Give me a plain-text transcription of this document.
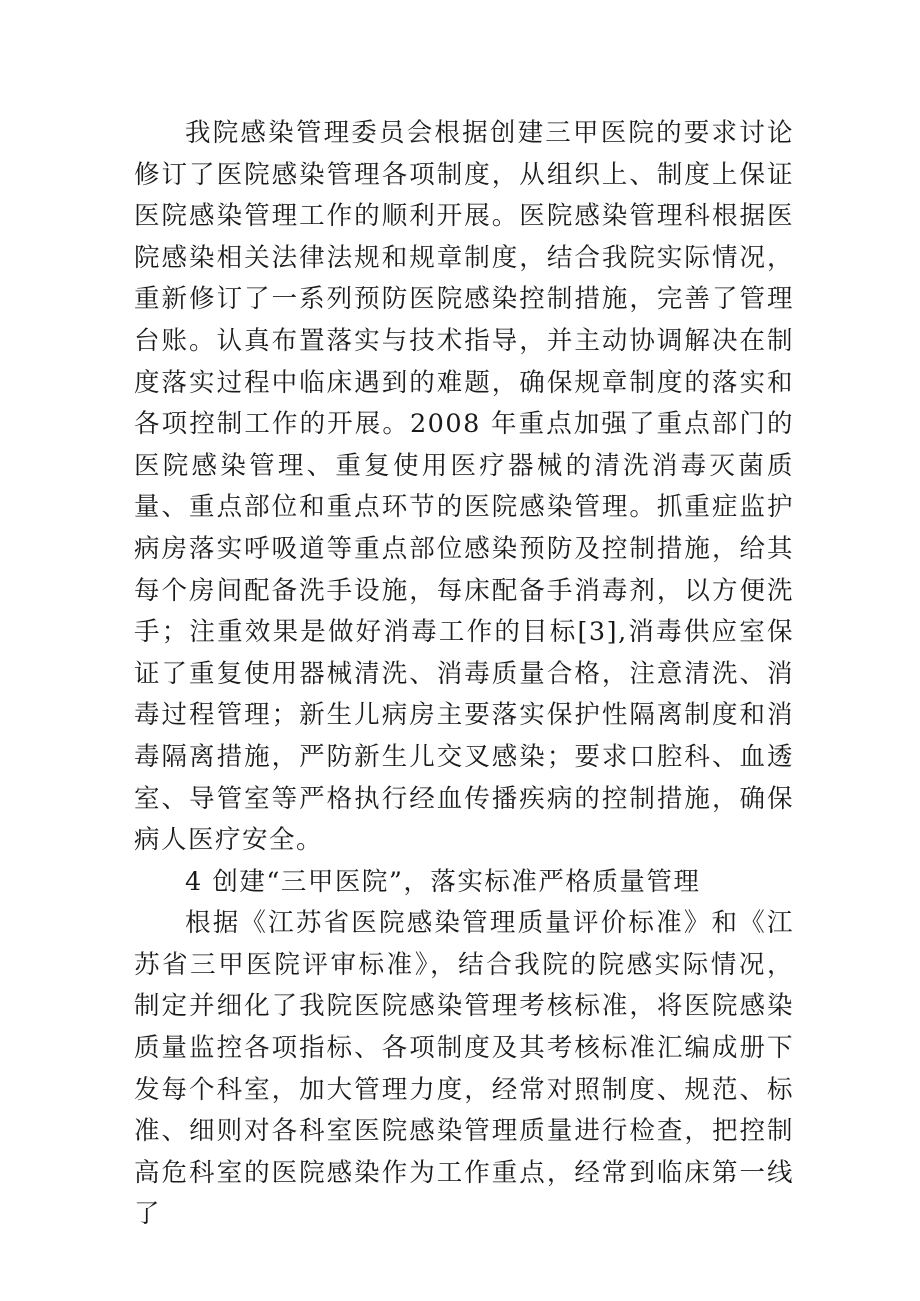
我院感染管理委员会根据创建三甲医院的要求讨论修订了医院感染管理各项制度，从组织上、制度上保证医院感染管理工作的顺利开展。医院感染管理科根据医院感染相关法律法规和规章制度，结合我院实际情况，重新修订了一系列预防医院感染控制措施，完善了管理台账。认真布置落实与技术指导，并主动协调解决在制度落实过程中临床遇到的难题，确保规章制度的落实和各项控制工作的开展。2008 年重点加强了重点部门的医院感染管理、重复使用医疗器械的清洗消毒灭菌质量、重点部位和重点环节的医院感染管理。抓重症监护病房落实呼吸道等重点部位感染预防及控制措施，给其每个房间配备洗手设施，每床配备手消毒剂，以方便洗手；注重效果是做好消毒工作的目标[3],消毒供应室保证了重复使用器械清洗、消毒质量合格，注意清洗、消毒过程管理；新生儿病房主要落实保护性隔离制度和消毒隔离措施，严防新生儿交叉感染；要求口腔科、血透室、导管室等严格执行经血传播疾病的控制措施，确保病人医疗安全。

4 创建“三甲医院”，落实标准严格质量管理

根据《江苏省医院感染管理质量评价标准》和《江苏省三甲医院评审标准》，结合我院的院感实际情况，制定并细化了我院医院感染管理考核标准，将医院感染质量监控各项指标、各项制度及其考核标准汇编成册下发每个科室，加大管理力度，经常对照制度、规范、标准、细则对各科室医院感染管理质量进行检查，把控制高危科室的医院感染作为工作重点，经常到临床第一线了
